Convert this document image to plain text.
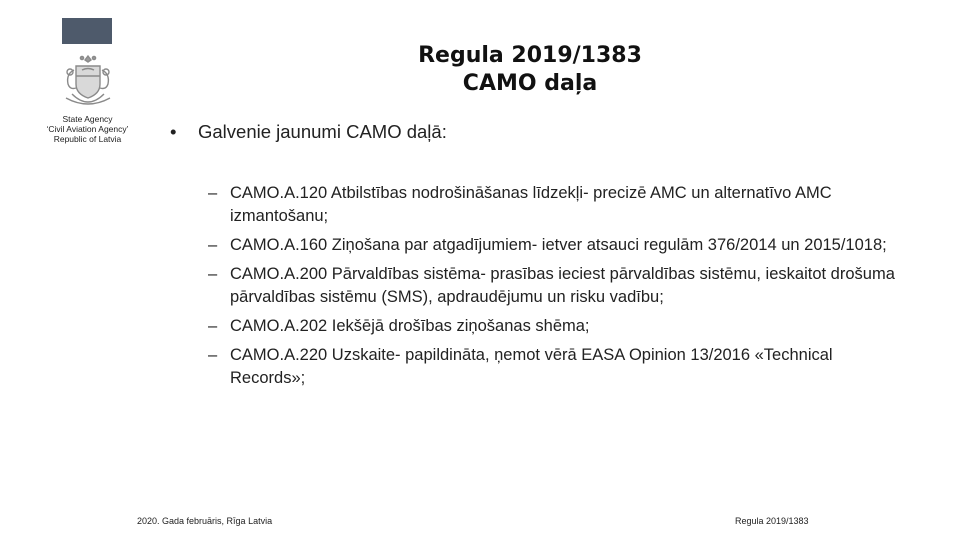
State Agency
‘Civil Aviation Agency’
Republic of Latvia
Regula 2019/1383
CAMO daļa
• Galvenie jaunumi CAMO daļā:
– CAMO.A.120 Atbilstības nodrošināšanas līdzekļi- precizē AMC un alternatīvo AMC izmantošanu;
– CAMO.A.160 Ziņošana par atgadījumiem- ietver atsauci regulām 376/2014 un 2015/1018;
– CAMO.A.200 Pārvaldības sistēma- prasības ieciest pārvaldības sistēmu, ieskaitot drošuma pārvaldības sistēmu (SMS), apdraudējumu un risku vadību;
– CAMO.A.202 Iekšējā drošības ziņošanas shēma;
– CAMO.A.220 Uzskaite- papildināta, ņemot vērā EASA Opinion 13/2016 «Technical Records»;
2020. Gada februāris, Rīga Latvia	Regula 2019/1383
